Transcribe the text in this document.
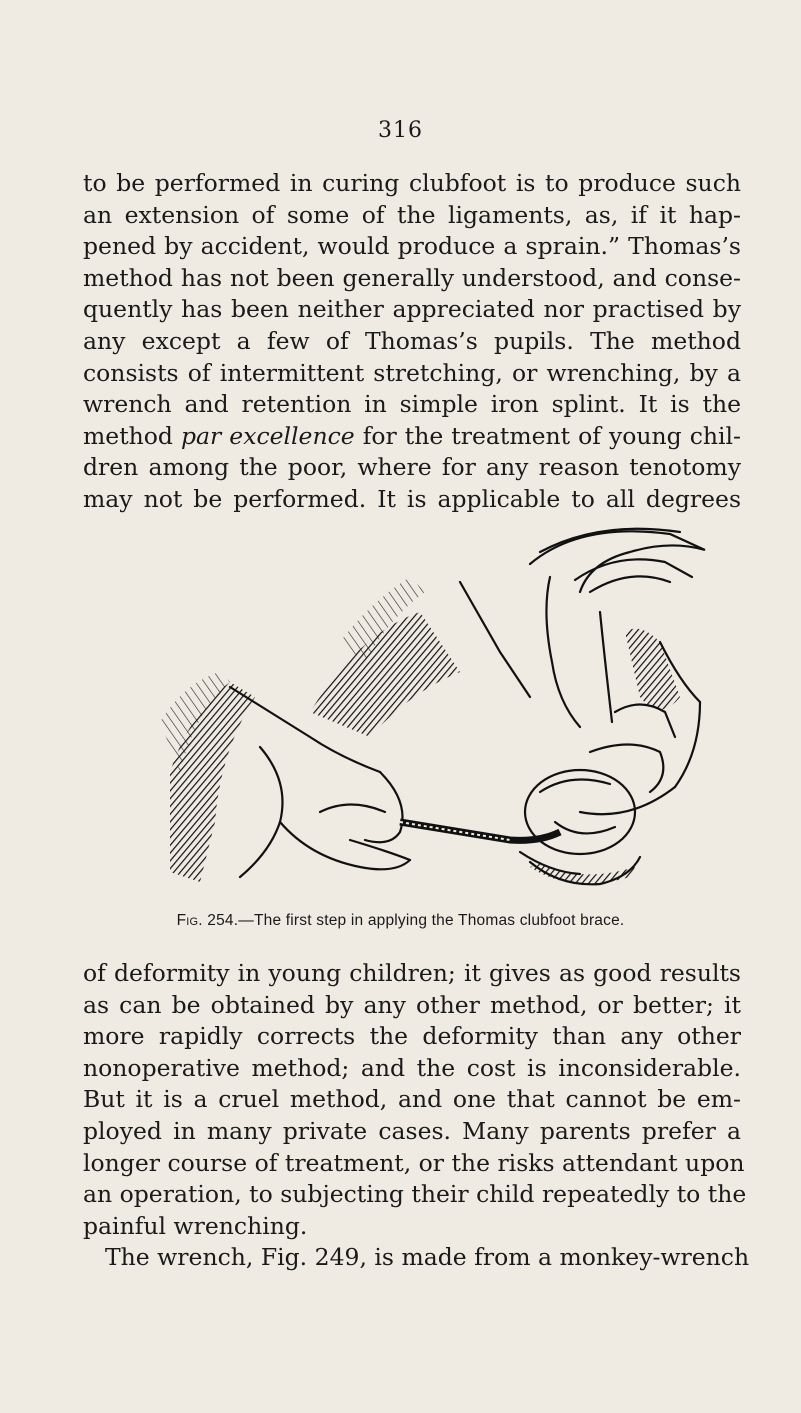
316
to be performed in curing clubfoot is to produce such
an extension of some of the ligaments, as, if it hap-
pened by accident, would produce a sprain.” Thomas’s
method has not been generally understood, and conse-
quently has been neither appreciated nor practised by
any except a few of Thomas’s pupils. The method
consists of intermittent stretching, or wrenching, by a
wrench and retention in simple iron splint. It is the
method par excellence for the treatment of young chil-
dren among the poor, where for any reason tenotomy
may not be performed. It is applicable to all degrees
Fig. 254.—The first step in applying the Thomas clubfoot brace.
of deformity in young children; it gives as good results
as can be obtained by any other method, or better; it
more rapidly corrects the deformity than any other
nonoperative method; and the cost is inconsiderable.
But it is a cruel method, and one that cannot be em-
ployed in many private cases. Many parents prefer a
longer course of treatment, or the risks attendant upon
an operation, to subjecting their child repeatedly to the
painful wrenching.
The wrench, Fig. 249, is made from a monkey-wrench
